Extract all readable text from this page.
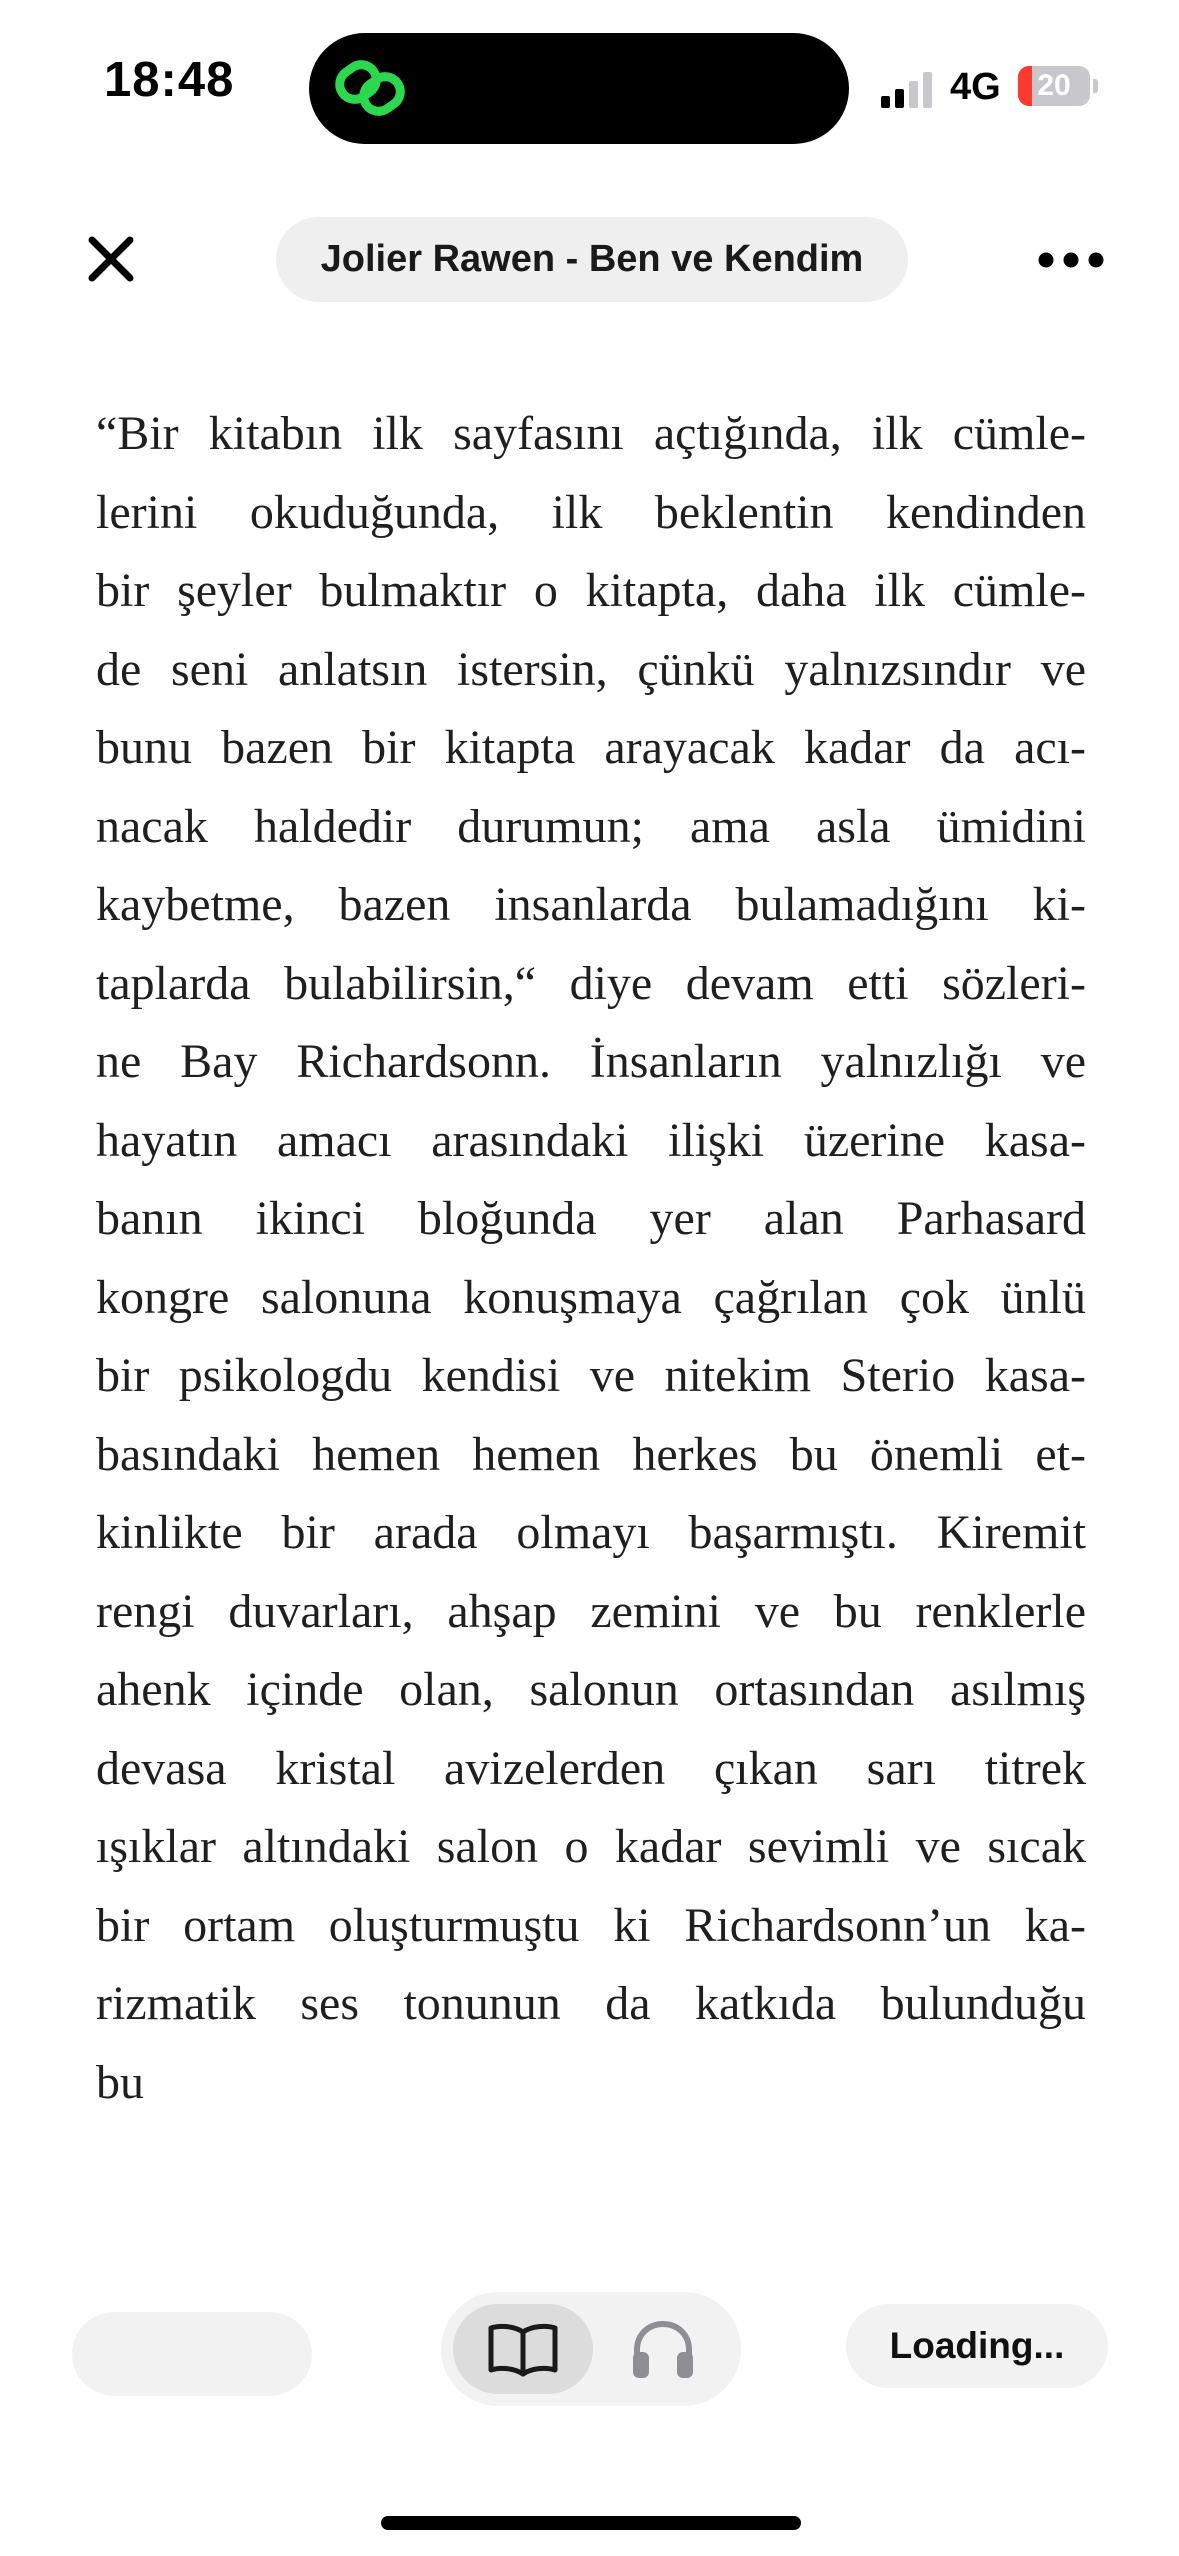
18:48	4G	20
Jolier Rawen - Ben ve Kendim
“Bir kitabın ilk sayfasını açtığında, ilk cümle-
lerini okuduğunda, ilk beklentin kendinden
bir şeyler bulmaktır o kitapta, daha ilk cümle-
de seni anlatsın istersin, çünkü yalnızsındır ve
bunu bazen bir kitapta arayacak kadar da acı-
nacak haldedir durumun; ama asla ümidini
kaybetme, bazen insanlarda bulamadığını ki-
taplarda bulabilirsin,“ diye devam etti sözleri-
ne Bay Richardsonn. İnsanların yalnızlığı ve
hayatın amacı arasındaki ilişki üzerine kasa-
banın ikinci bloğunda yer alan Parhasard
kongre salonuna konuşmaya çağrılan çok ünlü
bir psikologdu kendisi ve nitekim Sterio kasa-
basındaki hemen hemen herkes bu önemli et-
kinlikte bir arada olmayı başarmıştı. Kiremit
rengi duvarları, ahşap zemini ve bu renklerle
ahenk içinde olan, salonun ortasından asılmış
devasa kristal avizelerden çıkan sarı titrek
ışıklar altındaki salon o kadar sevimli ve sıcak
bir ortam oluşturmuştu ki Richardsonn’un ka-
rizmatik ses tonunun da katkıda bulunduğu
bu
Loading...
